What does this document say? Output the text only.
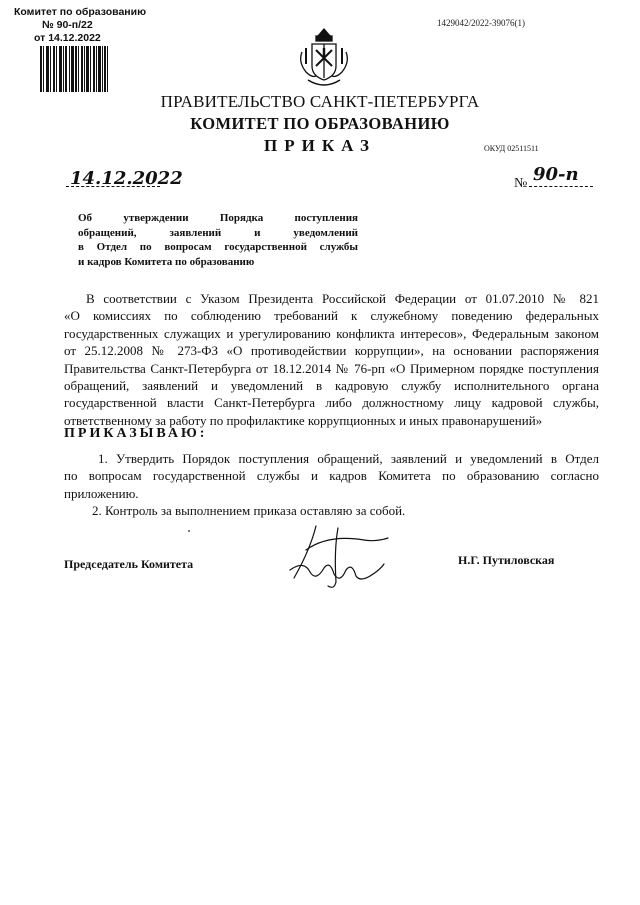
Комитет по образованию
№ 90-п/22
от 14.12.2022
1429042/2022-39076(1)
ПРАВИТЕЛЬСТВО САНКТ-ПЕТЕРБУРГА
КОМИТЕТ ПО ОБРАЗОВАНИЮ
ПРИКАЗ	ОКУД 02511511
14.12.2022	№ 90-п
Об утверждении Порядка поступления
обращений, заявлений и уведомлений
в Отдел по вопросам государственной службы
и кадров Комитета по образованию
В соответствии с Указом Президента Российской Федерации от 01.07.2010 № 821
«О комиссиях по соблюдению требований к служебному поведению федеральных
государственных служащих и урегулированию конфликта интересов», Федеральным законом
от 25.12.2008 № 273-ФЗ «О противодействии коррупции», на основании распоряжения
Правительства Санкт-Петербурга от 18.12.2014 № 76-рп «О Примерном порядке поступления
обращений, заявлений и уведомлений в кадровую службу исполнительного органа
государственной власти Санкт-Петербурга либо должностному лицу кадровой службы,
ответственному за работу по профилактике коррупционных и иных правонарушений»
ПРИКАЗЫВАЮ:
1. Утвердить Порядок поступления обращений, заявлений и уведомлений в Отдел
по вопросам государственной службы и кадров Комитета по образованию согласно
приложению.
2. Контроль за выполнением приказа оставляю за собой.
Председатель Комитета	Н.Г. Путиловская
